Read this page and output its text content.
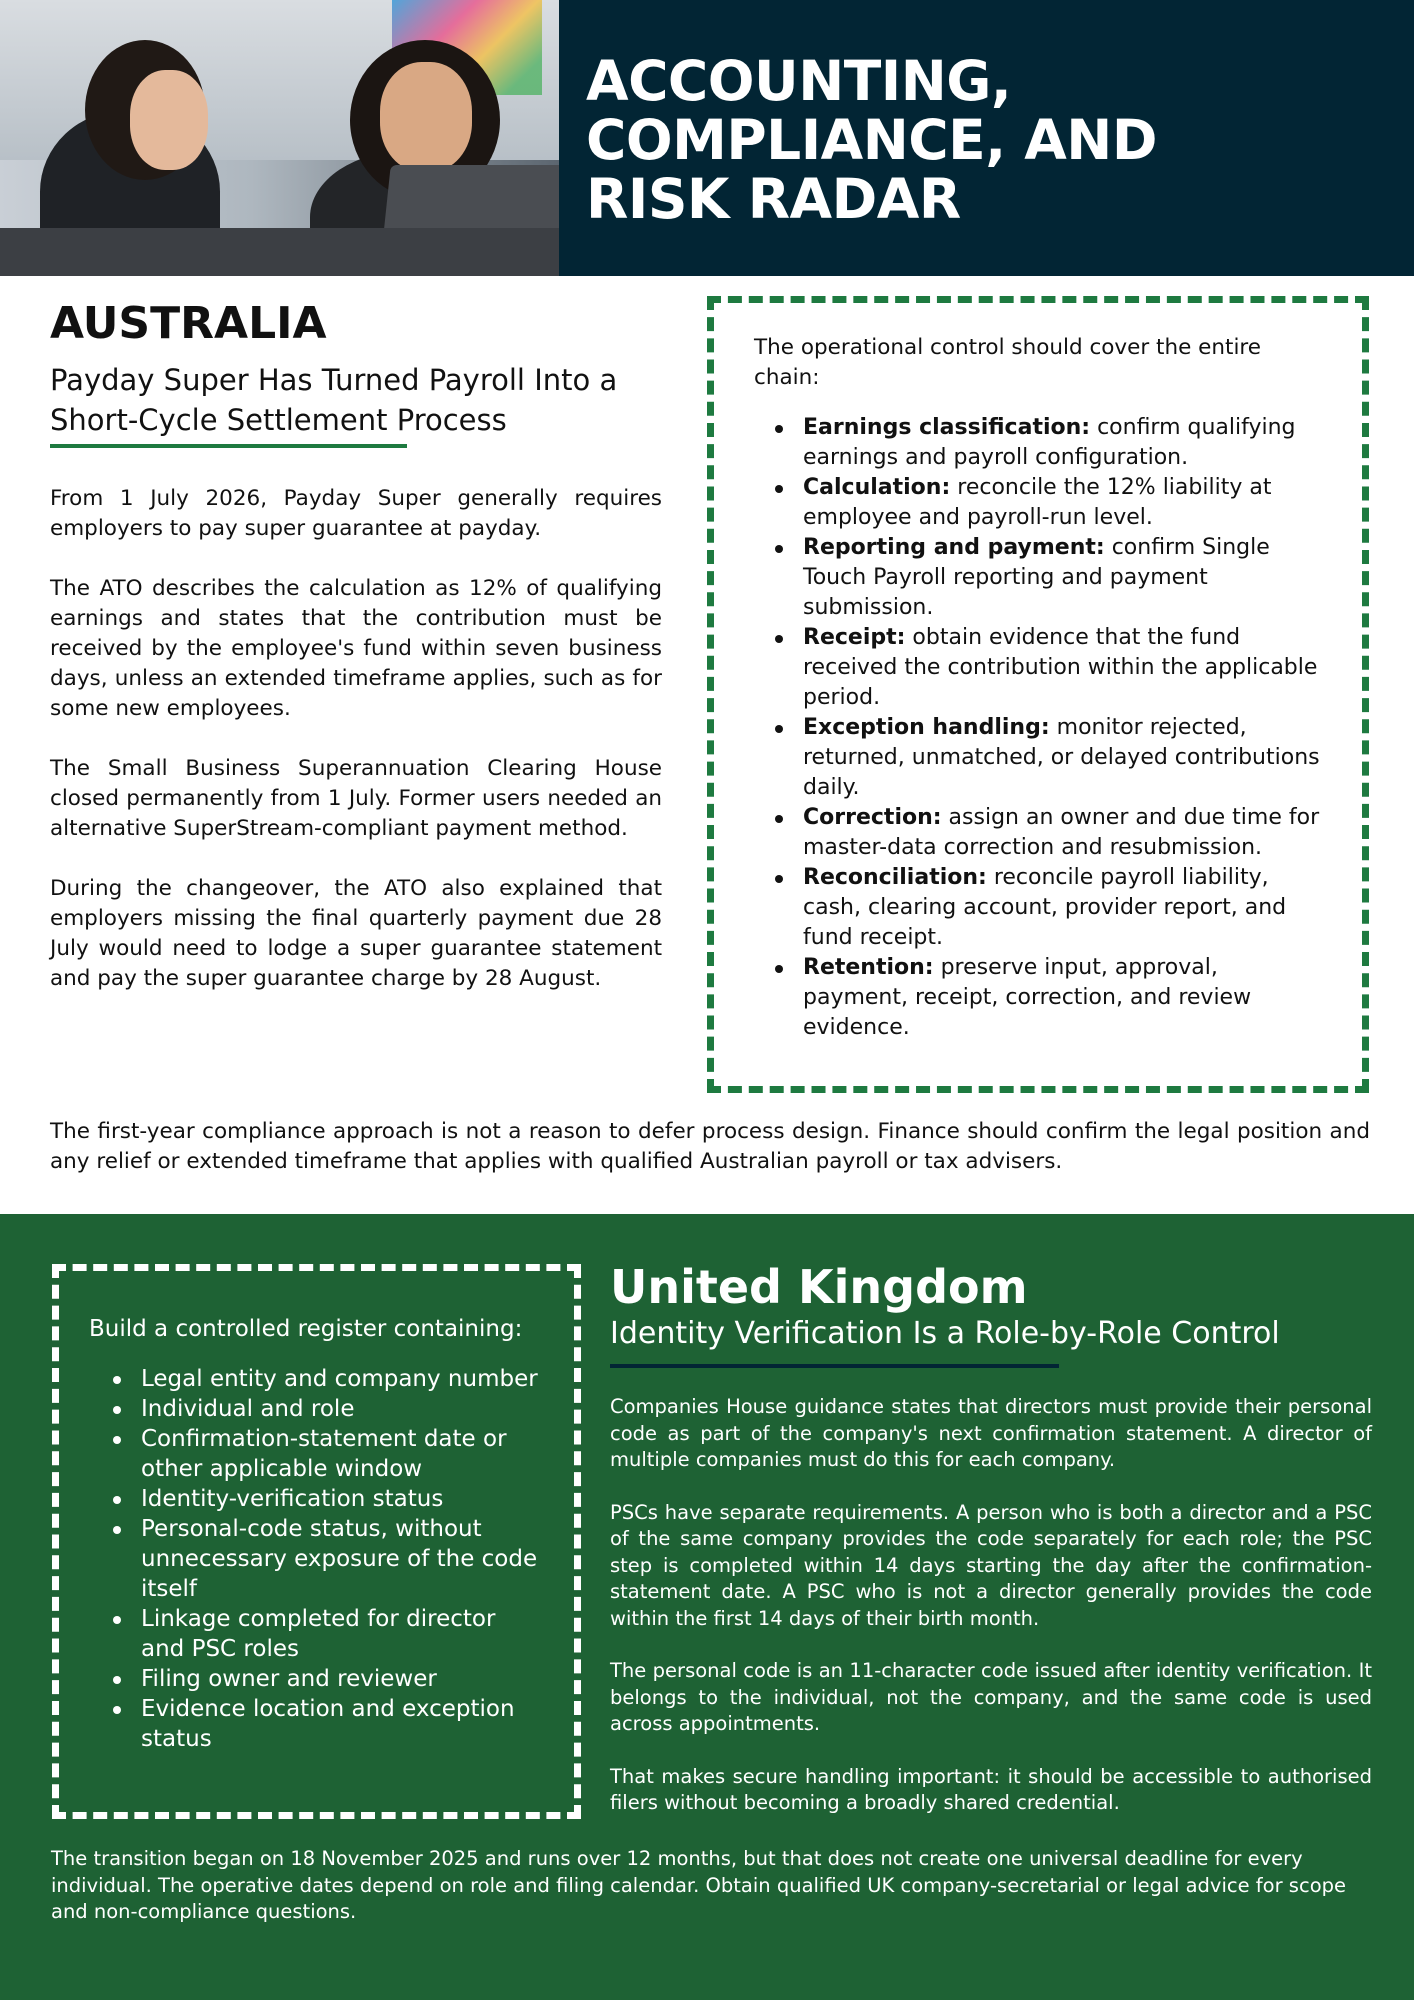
ACCOUNTING,
COMPLIANCE, AND
RISK RADAR
AUSTRALIA
Payday Super Has Turned Payroll Into a
Short-Cycle Settlement Process

From 1 July 2026, Payday Super generally requires employers to pay super guarantee at payday.

The ATO describes the calculation as 12% of qualifying earnings and states that the contribution must be received by the employee's fund within seven business days, unless an extended timeframe applies, such as for some new employees.

The Small Business Superannuation Clearing House closed permanently from 1 July. Former users needed an alternative SuperStream-compliant payment method.

During the changeover, the ATO also explained that employers missing the final quarterly payment due 28 July would need to lodge a super guarantee statement and pay the super guarantee charge by 28 August.

The operational control should cover the entire chain:

Earnings classification: confirm qualifying earnings and payroll configuration.
Calculation: reconcile the 12% liability at employee and payroll-run level.
Reporting and payment: confirm Single Touch Payroll reporting and payment submission.
Receipt: obtain evidence that the fund received the contribution within the applicable period.
Exception handling: monitor rejected, returned, unmatched, or delayed contributions daily.
Correction: assign an owner and due time for master-data correction and resubmission.
Reconciliation: reconcile payroll liability, cash, clearing account, provider report, and fund receipt.
Retention: preserve input, approval, payment, receipt, correction, and review evidence.

The first-year compliance approach is not a reason to defer process design. Finance should confirm the legal position and any relief or extended timeframe that applies with qualified Australian payroll or tax advisers.

Build a controlled register containing:

Legal entity and company number
Individual and role
Confirmation-statement date or other applicable window
Identity-verification status
Personal-code status, without unnecessary exposure of the code itself
Linkage completed for director and PSC roles
Filing owner and reviewer
Evidence location and exception status
United Kingdom
Identity Verification Is a Role-by-Role Control

Companies House guidance states that directors must provide their personal code as part of the company's next confirmation statement. A director of multiple companies must do this for each company.

PSCs have separate requirements. A person who is both a director and a PSC of the same company provides the code separately for each role; the PSC step is completed within 14 days starting the day after the confirmation-statement date. A PSC who is not a director generally provides the code within the first 14 days of their birth month.

The personal code is an 11-character code issued after identity verification. It belongs to the individual, not the company, and the same code is used across appointments.

That makes secure handling important: it should be accessible to authorised filers without becoming a broadly shared credential.

The transition began on 18 November 2025 and runs over 12 months, but that does not create one universal deadline for every individual. The operative dates depend on role and filing calendar. Obtain qualified UK company-secretarial or legal advice for scope and non-compliance questions.
